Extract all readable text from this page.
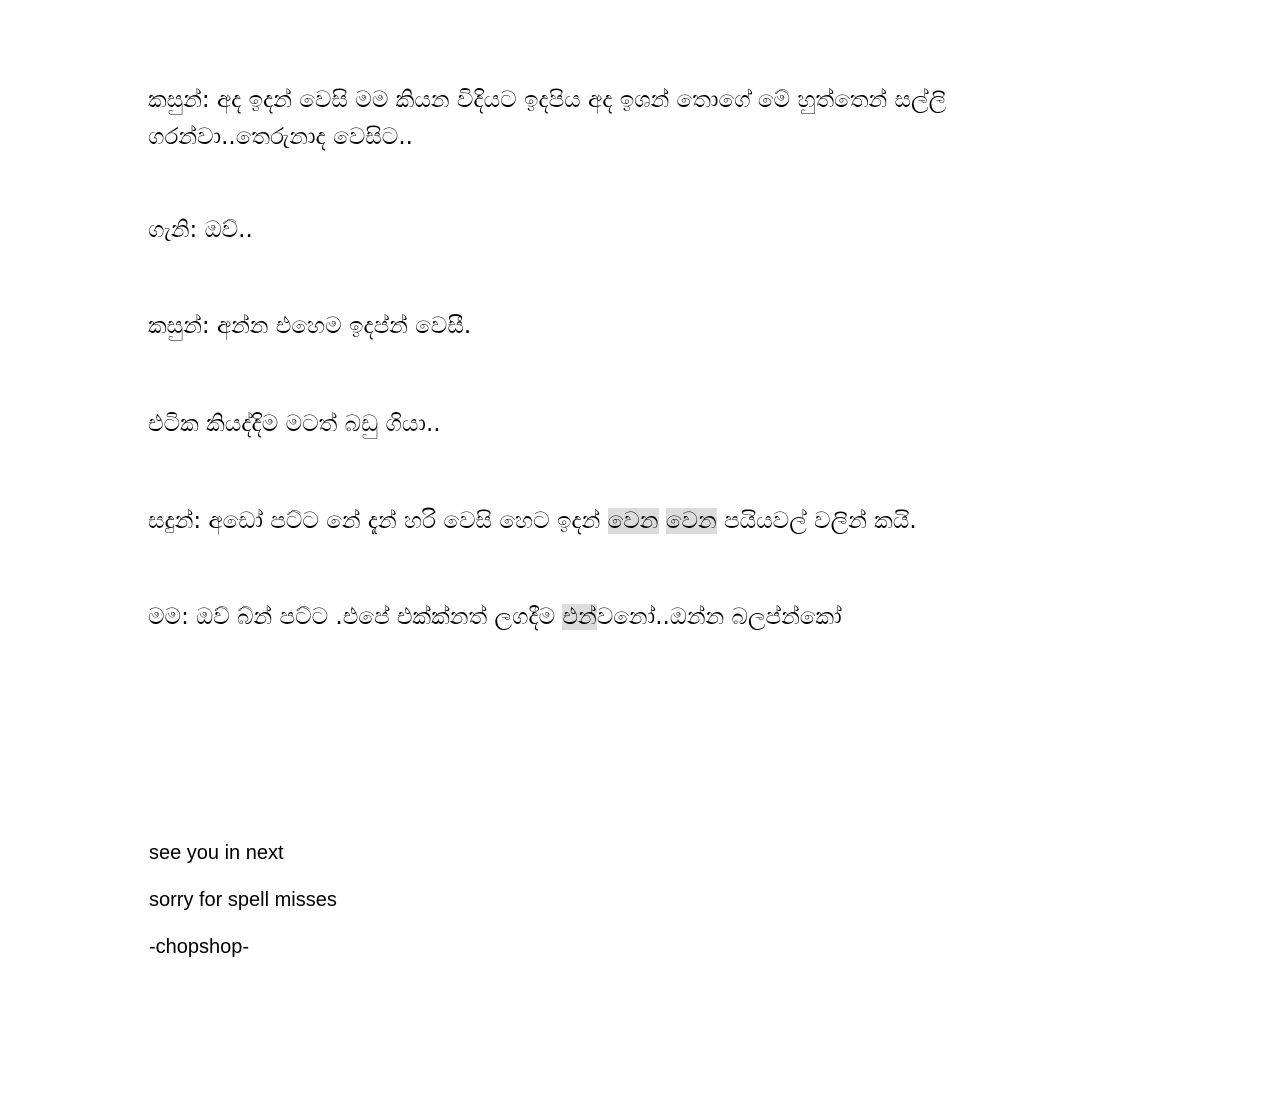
කසුන්: අද ඉදන් වෙසි මම කියන විදියට ඉදපිය අද ඉශන් තොගේ මේ හුත්තෙන් සල්ලි
ගරන්වා..තෙරුනාද වෙසිට..
ගැනි: ඔව්..
කසුන්: අන්න එහෙම ඉදප්න් වෙසී.
එටික කියද්දිම මටත් බඩු ගියා..
සදුන්: අඩෝ පට්ට නේ දැන් හරි වෙසි හෙට ඉදන් වෙන වෙන පයියවල් වලින් කයි.
මම: ඔව් බ්න් පට්ට .එපේ එක්ක්නත් ලගදීම එන්වනෝ..ඔන්න බලප්න්කෝ
see you in next
sorry for spell misses
-chopshop-
